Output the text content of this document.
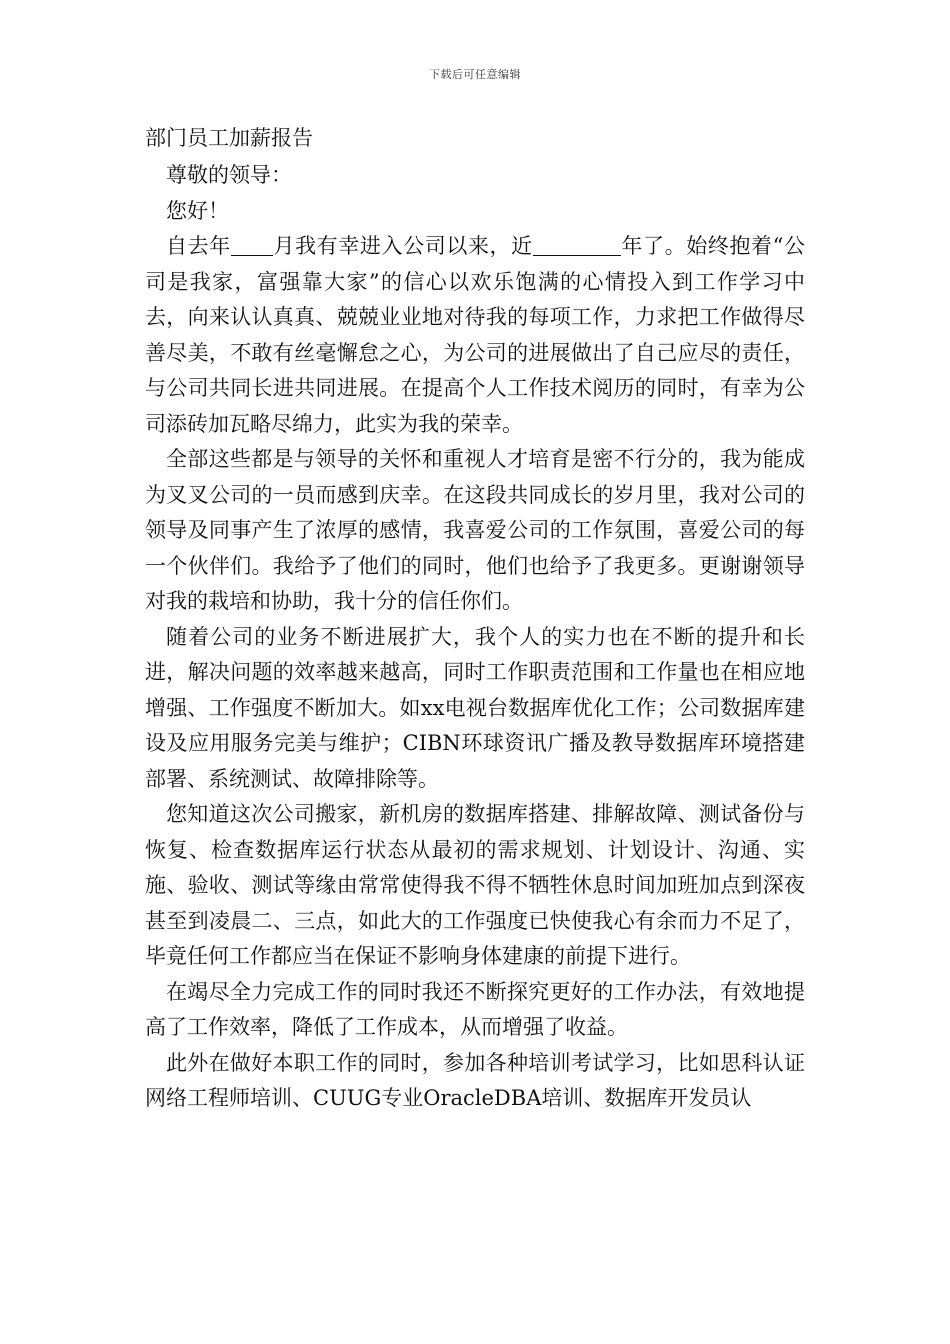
下载后可任意编辑
部门员工加薪报告

尊敬的领导：

您好！

自去年 月我有幸进入公司以来，近	年了。始终抱着“公司是我家，富强靠大家”的信心以欢乐饱满的心情投入到工作学习中去，向来认认真真、兢兢业业地对待我的每项工作，力求把工作做得尽善尽美，不敢有丝毫懈怠之心，为公司的进展做出了自己应尽的责任，与公司共同长进共同进展。在提高个人工作技术阅历的同时，有幸为公司添砖加瓦略尽绵力，此实为我的荣幸。

全部这些都是与领导的关怀和重视人才培育是密不行分的，我为能成为叉叉公司的一员而感到庆幸。在这段共同成长的岁月里，我对公司的领导及同事产生了浓厚的感情，我喜爱公司的工作氛围，喜爱公司的每一个伙伴们。我给予了他们的同时，他们也给予了我更多。更谢谢领导对我的栽培和协助，我十分的信任你们。

随着公司的业务不断进展扩大，我个人的实力也在不断的提升和长进，解决问题的效率越来越高，同时工作职责范围和工作量也在相应地增强、工作强度不断加大。如xx电视台数据库优化工作；公司数据库建设及应用服务完美与维护；CIBN环球资讯广播及教导数据库环境搭建部署、系统测试、故障排除等。

您知道这次公司搬家，新机房的数据库搭建、排解故障、测试备份与恢复、检查数据库运行状态从最初的需求规划、计划设计、沟通、实施、验收、测试等缘由常常使得我不得不牺牲休息时间加班加点到深夜甚至到凌晨二、三点，如此大的工作强度已快使我心有余而力不足了，毕竟任何工作都应当在保证不影响身体建康的前提下进行。

在竭尽全力完成工作的同时我还不断探究更好的工作办法，有效地提高了工作效率，降低了工作成本，从而增强了收益。

此外在做好本职工作的同时，参加各种培训考试学习，比如思科认证网络工程师培训、CUUG专业OracleDBA培训、数据库开发员认
